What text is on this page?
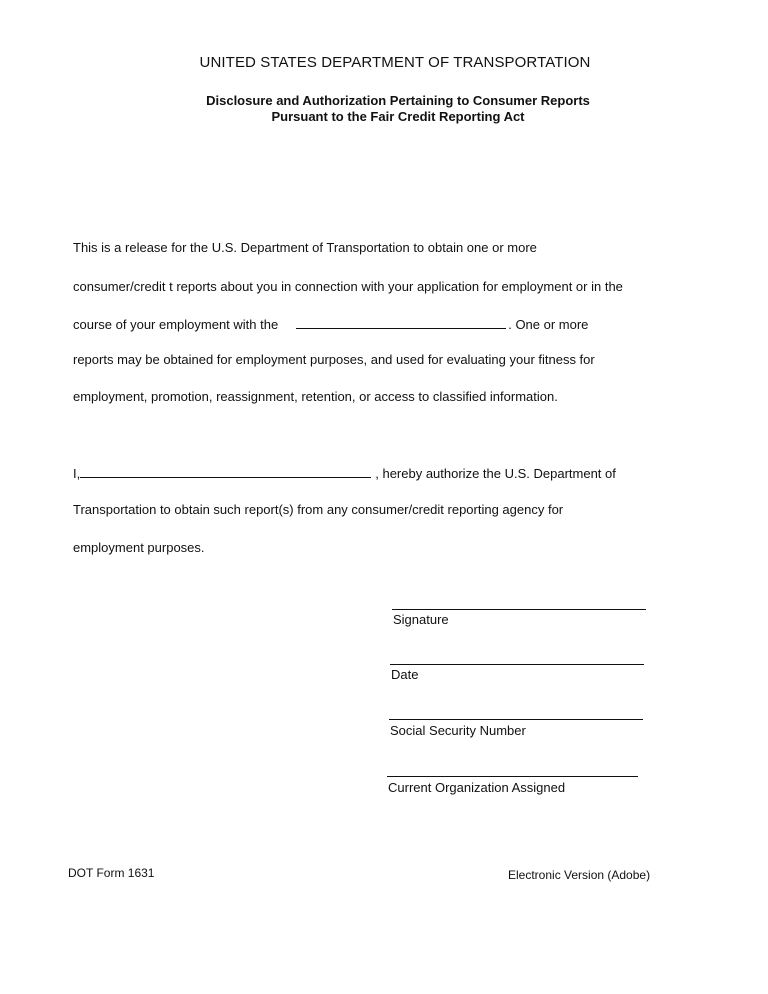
UNITED STATES DEPARTMENT OF TRANSPORTATION
Disclosure and Authorization Pertaining to Consumer Reports
Pursuant to the Fair Credit Reporting Act
This is a release for the U.S. Department of Transportation to obtain one or more
consumer/credit t reports about you in connection with your application for employment or in the
course of your employment with the	. One or more
reports may be obtained for employment purposes, and used for evaluating your fitness for
employment, promotion, reassignment, retention, or access to classified information.
I,	, hereby authorize the U.S. Department of
Transportation to obtain such report(s) from any consumer/credit reporting agency for
employment purposes.
Signature
Date
Social Security Number
Current Organization Assigned
DOT Form 1631	Electronic Version (Adobe)
